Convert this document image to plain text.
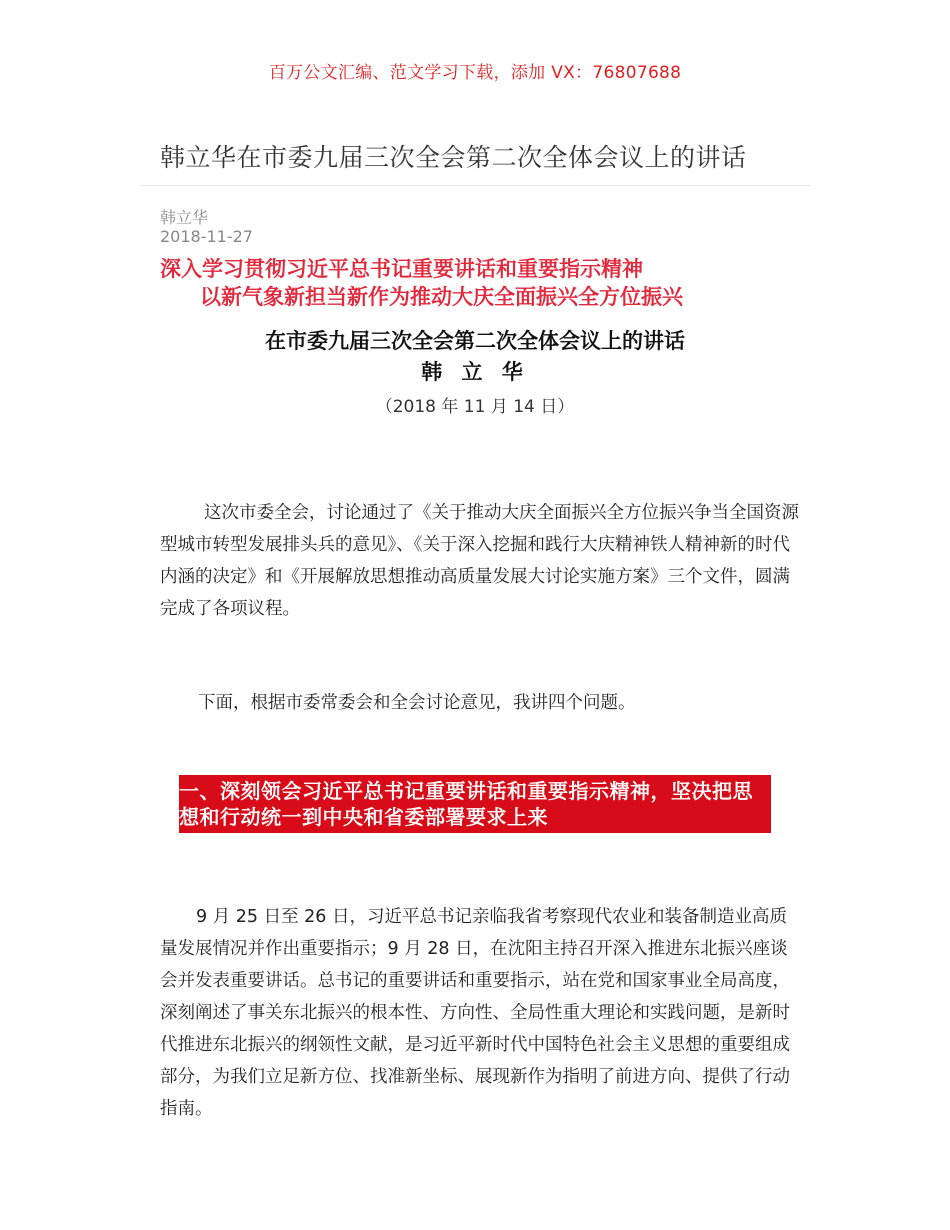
百万公文汇编、范文学习下载，添加 VX：76807688
韩立华在市委九届三次全会第二次全体会议上的讲话
韩立华
2018-11-27
深入学习贯彻习近平总书记重要讲话和重要指示精神
以新气象新担当新作为推动大庆全面振兴全方位振兴
在市委九届三次全会第二次全体会议上的讲话
韩 立 华
（2018 年 11 月 14 日）
这次市委全会，讨论通过了《关于推动大庆全面振兴全方位振兴争当全国资源型城市转型发展排头兵的意见》、《关于深入挖掘和践行大庆精神铁人精神新的时代内涵的决定》和《开展解放思想推动高质量发展大讨论实施方案》三个文件，圆满完成了各项议程。
下面，根据市委常委会和全会讨论意见，我讲四个问题。
一、深刻领会习近平总书记重要讲话和重要指示精神，坚决把思想和行动统一到中央和省委部署要求上来
9 月 25 日至 26 日，习近平总书记亲临我省考察现代农业和装备制造业高质量发展情况并作出重要指示；9 月 28 日，在沈阳主持召开深入推进东北振兴座谈会并发表重要讲话。总书记的重要讲话和重要指示，站在党和国家事业全局高度，深刻阐述了事关东北振兴的根本性、方向性、全局性重大理论和实践问题，是新时代推进东北振兴的纲领性文献，是习近平新时代中国特色社会主义思想的重要组成部分，为我们立足新方位、找准新坐标、展现新作为指明了前进方向、提供了行动指南。
